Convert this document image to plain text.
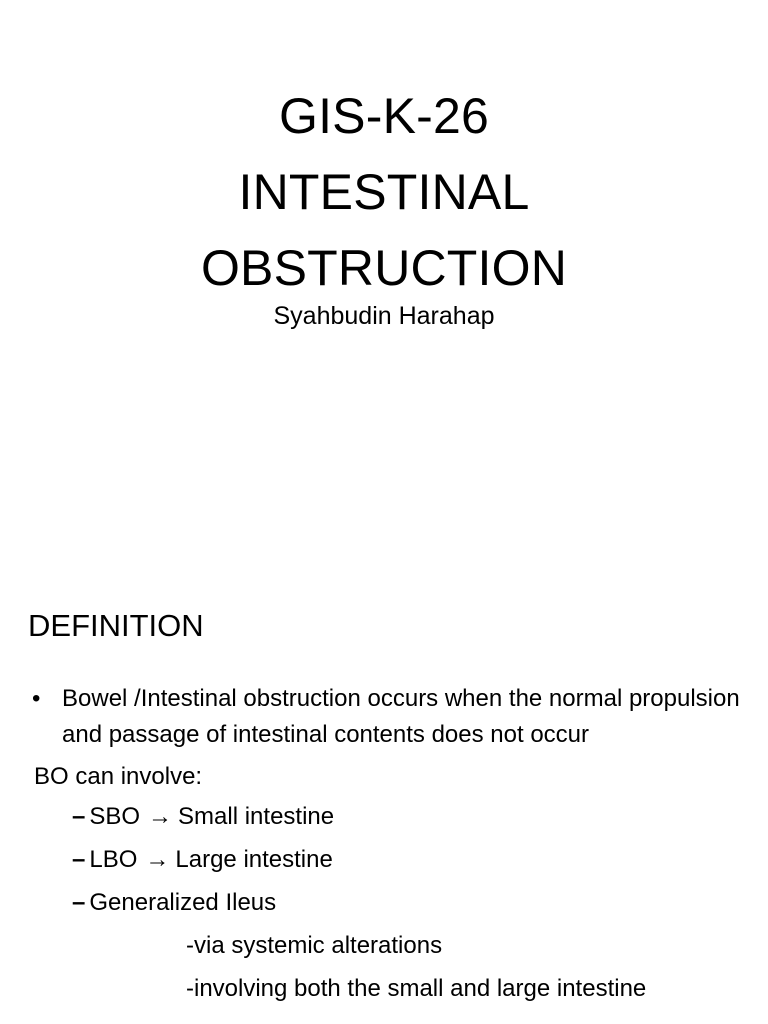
GIS-K-26
INTESTINAL
OBSTRUCTION
Syahbudin Harahap
DEFINITION
• Bowel /Intestinal obstruction occurs when the normal propulsion and passage of intestinal contents does not occur
BO can involve:
– SBO → Small intestine
– LBO → Large intestine
– Generalized Ileus
-via systemic alterations
-involving both the small and large intestine
